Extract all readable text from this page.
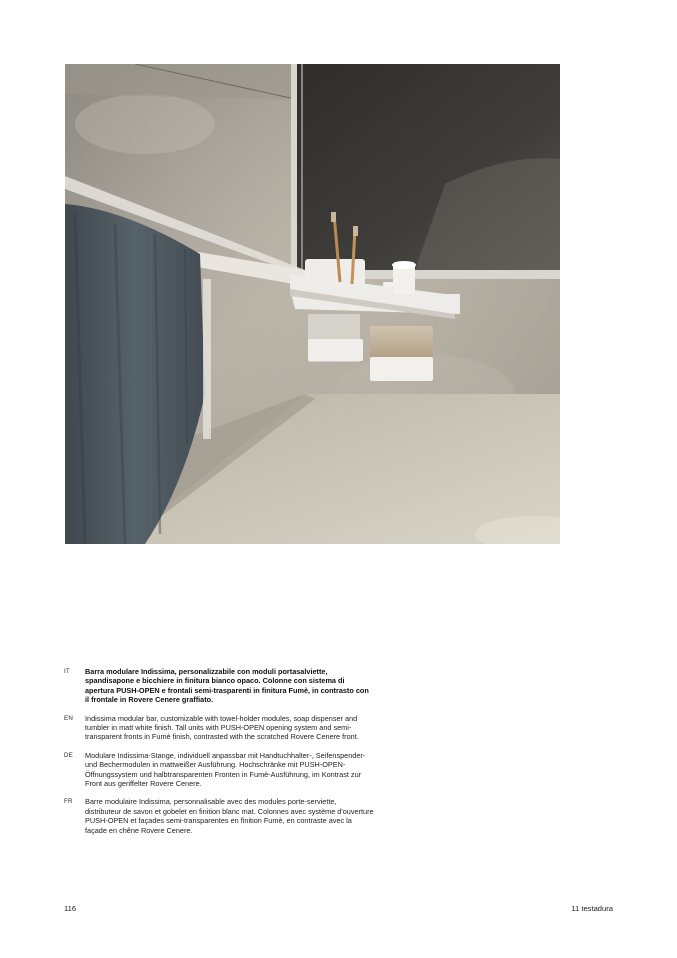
IT	Barra modulare Indissima, personalizzabile con moduli portasalviette, spandisapone e bicchiere in finitura bianco opaco. Colonne con sistema di apertura PUSH-OPEN e frontali semi-trasparenti in finitura Fumè, in contrasto con il frontale in Rovere Cenere graffiato.
EN	Indissima modular bar, customizable with towel-holder modules, soap dispenser and tumbler in matt white finish. Tall units with PUSH-OPEN opening system and semi-transparent fronts in Fumè finish, contrasted with the scratched Rovere Cenere front.
DE	Modulare Indissima-Stange, individuell anpassbar mit Handtuchhalter-, Seifenspender- und Bechermodulen in mattweißer Ausführung. Hochschränke mit PUSH-OPEN-Öffnungssystem und halbtransparenten Fronten in Fumè-Ausführung, im Kontrast zur Front aus geriffelter Rovere Cenere.
FR	Barre modulaire Indissima, personnalisable avec des modules porte-serviette, distributeur de savon et gobelet en finition blanc mat. Colonnes avec système d'ouverture PUSH-OPEN et façades semi-transparentes en finition Fumè, en contraste avec la façade en chêne Rovere Cenere.
116	11 testadura
